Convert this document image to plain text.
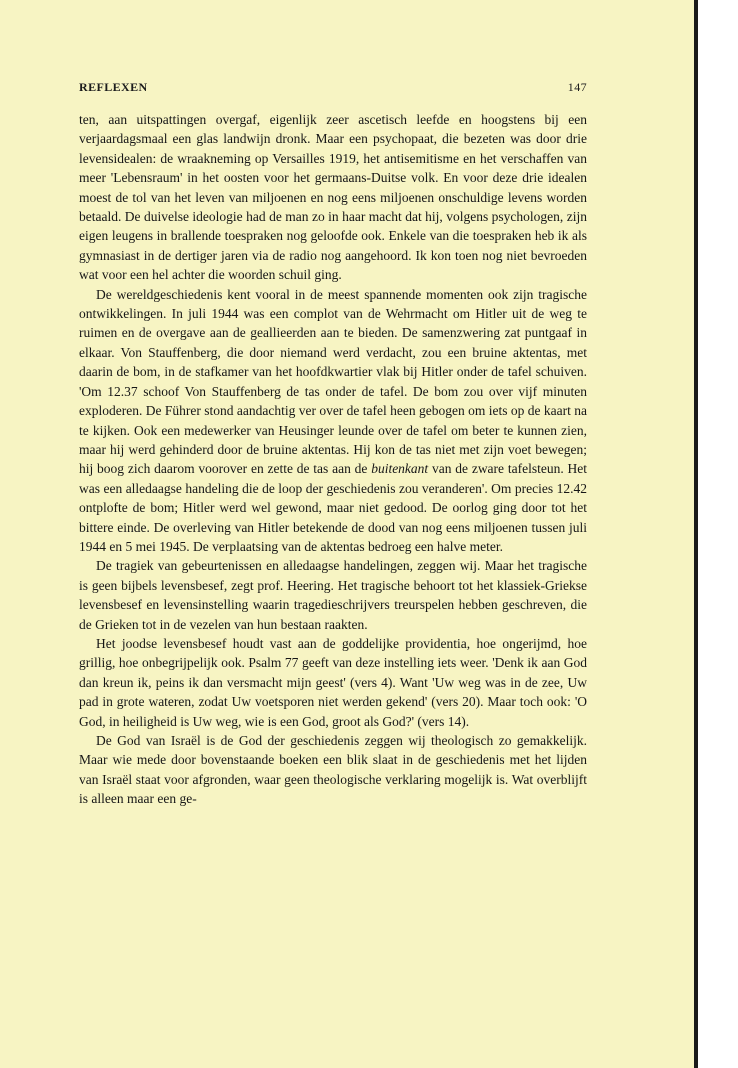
REFLEXEN	147

ten, aan uitspattingen overgaf, eigenlijk zeer ascetisch leefde en hoogstens bij een verjaardagsmaal een glas landwijn dronk. Maar een psychopaat, die bezeten was door drie levensidealen: de wraakneming op Versailles 1919, het antisemitisme en het verschaffen van meer 'Lebensraum' in het oosten voor het germaans-Duitse volk. En voor deze drie idealen moest de tol van het leven van miljoenen en nog eens miljoenen onschuldige levens worden betaald. De duivelse ideologie had de man zo in haar macht dat hij, volgens psychologen, zijn eigen leugens in brallende toespraken nog geloofde ook. Enkele van die toespraken heb ik als gymnasiast in de dertiger jaren via de radio nog aangehoord. Ik kon toen nog niet bevroeden wat voor een hel achter die woorden schuil ging.

De wereldgeschiedenis kent vooral in de meest spannende momenten ook zijn tragische ontwikkelingen. In juli 1944 was een complot van de Wehrmacht om Hitler uit de weg te ruimen en de overgave aan de geallieerden aan te bieden. De samenzwering zat puntgaaf in elkaar. Von Stauffenberg, die door niemand werd verdacht, zou een bruine aktentas, met daarin de bom, in de stafkamer van het hoofdkwartier vlak bij Hitler onder de tafel schuiven. 'Om 12.37 schoof Von Stauffenberg de tas onder de tafel. De bom zou over vijf minuten exploderen. De Führer stond aandachtig ver over de tafel heen gebogen om iets op de kaart na te kijken. Ook een medewerker van Heusinger leunde over de tafel om beter te kunnen zien, maar hij werd gehinderd door de bruine aktentas. Hij kon de tas niet met zijn voet bewegen; hij boog zich daarom voorover en zette de tas aan de buitenkant van de zware tafelsteun. Het was een alledaagse handeling die de loop der geschiedenis zou veranderen'. Om precies 12.42 ontplofte de bom; Hitler werd wel gewond, maar niet gedood. De oorlog ging door tot het bittere einde. De overleving van Hitler betekende de dood van nog eens miljoenen tussen juli 1944 en 5 mei 1945. De verplaatsing van de aktentas bedroeg een halve meter.

De tragiek van gebeurtenissen en alledaagse handelingen, zeggen wij. Maar het tragische is geen bijbels levensbesef, zegt prof. Heering. Het tragische behoort tot het klassiek-Griekse levensbesef en levensinstelling waarin tragedieschrijvers treurspelen hebben geschreven, die de Grieken tot in de vezelen van hun bestaan raakten.

Het joodse levensbesef houdt vast aan de goddelijke providentia, hoe ongerijmd, hoe grillig, hoe onbegrijpelijk ook. Psalm 77 geeft van deze instelling iets weer. 'Denk ik aan God dan kreun ik, peins ik dan versmacht mijn geest' (vers 4). Want 'Uw weg was in de zee, Uw pad in grote wateren, zodat Uw voetsporen niet werden gekend' (vers 20). Maar toch ook: 'O God, in heiligheid is Uw weg, wie is een God, groot als God?' (vers 14).

De God van Israël is de God der geschiedenis zeggen wij theologisch zo gemakkelijk. Maar wie mede door bovenstaande boeken een blik slaat in de geschiedenis met het lijden van Israël staat voor afgronden, waar geen theologische verklaring mogelijk is. Wat overblijft is alleen maar een ge-
